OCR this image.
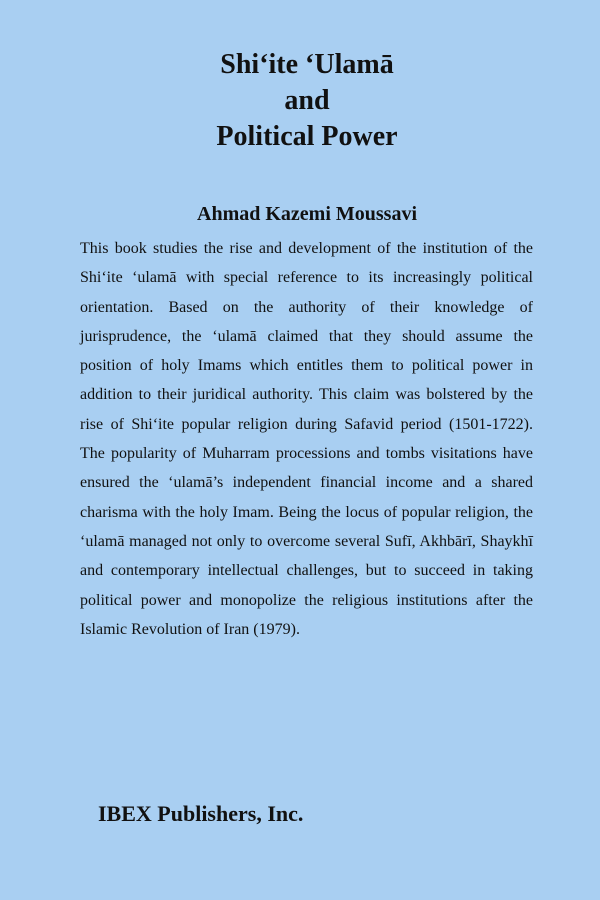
Shi‘ite ‘Ulamā
and
Political Power
Ahmad Kazemi Moussavi

This book studies the rise and development of the institution of the Shi‘ite ‘ulamā with special reference to its increasingly political orientation. Based on the authority of their knowledge of jurisprudence, the ‘ulamā claimed that they should assume the position of holy Imams which entitles them to political power in addition to their juridical authority. This claim was bolstered by the rise of Shi‘ite popular religion during Safavid period (1501-1722). The popularity of Muharram processions and tombs visitations have ensured the ‘ulamā’s independent financial income and a shared charisma with the holy Imam. Being the locus of popular religion, the ‘ulamā managed not only to overcome several Sufī, Akhbārī, Shaykhī and contemporary intellectual challenges, but to succeed in taking political power and monopolize the religious institutions after the Islamic Revolution of Iran (1979).

IBEX Publishers, Inc.
